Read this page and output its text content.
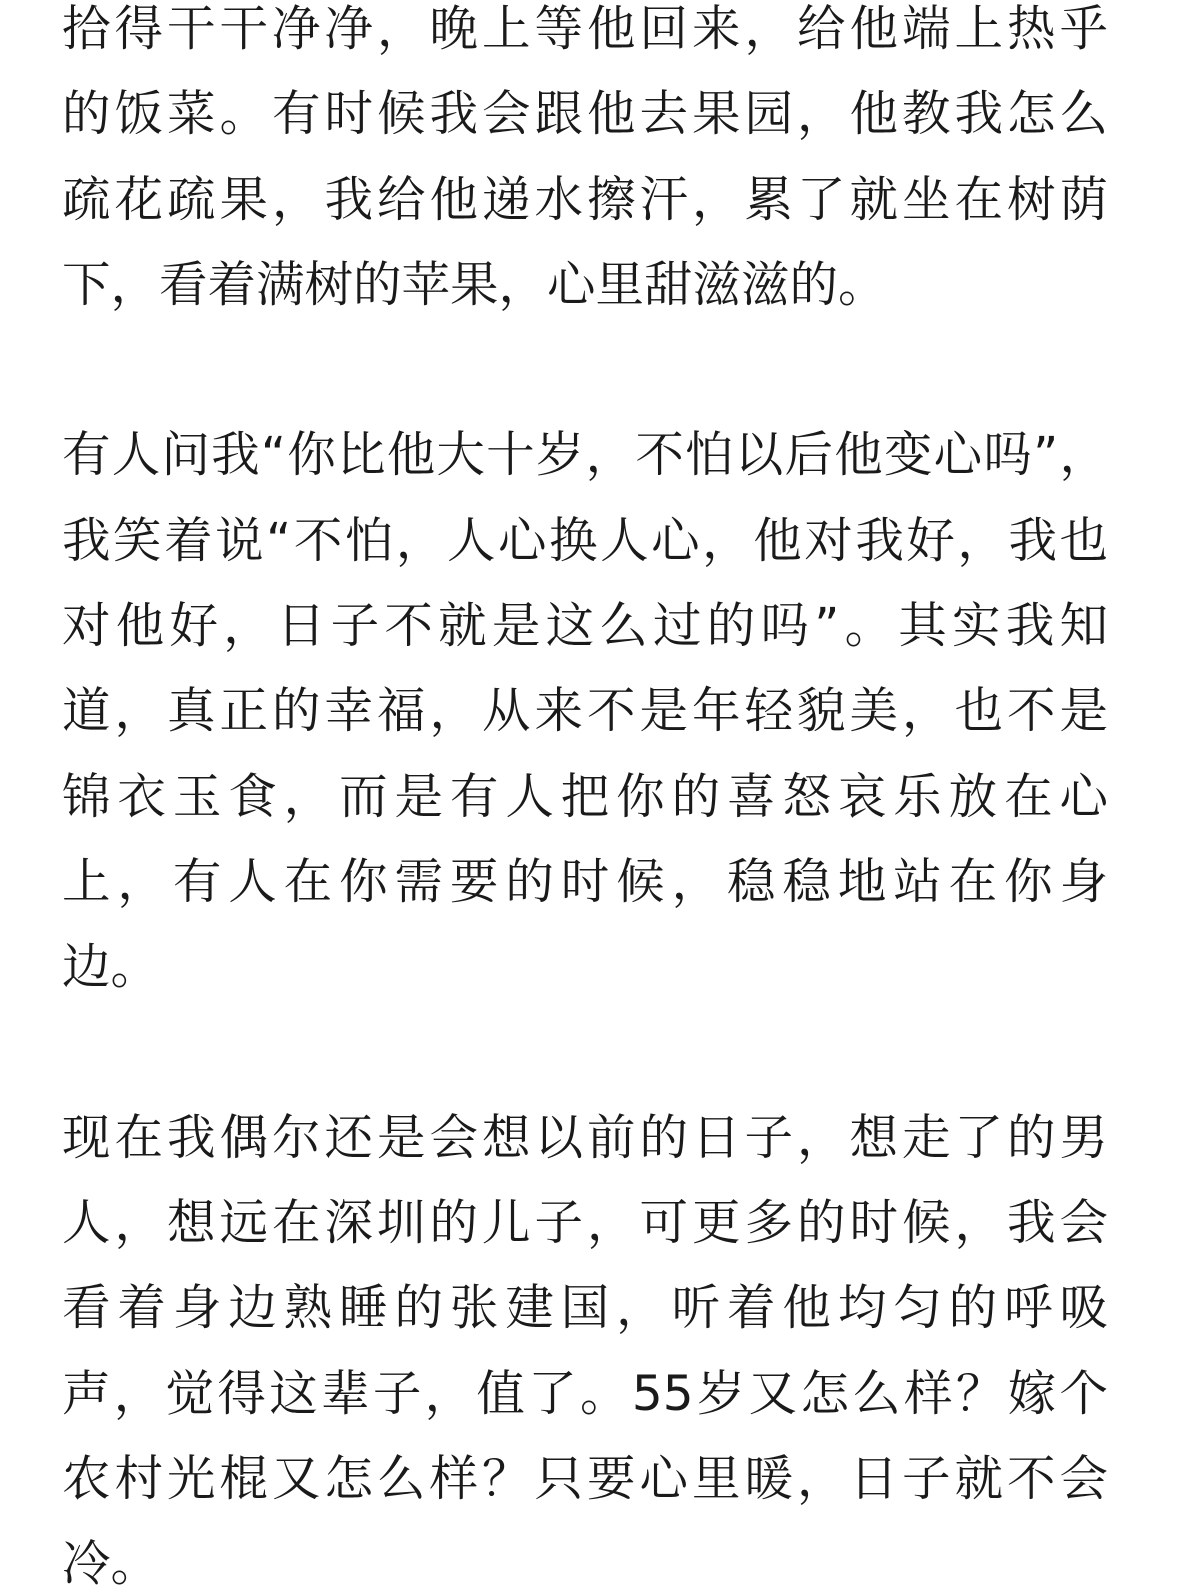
拾得干干净净，晚上等他回来，给他端上热乎
的饭菜。有时候我会跟他去果园，他教我怎么
疏花疏果，我给他递水擦汗，累了就坐在树荫
下，看着满树的苹果，心里甜滋滋的。

有人问我“你比他大十岁，不怕以后他变心吗”，
我笑着说“不怕，人心换人心，他对我好，我也
对他好，日子不就是这么过的吗”。其实我知
道，真正的幸福，从来不是年轻貌美，也不是
锦衣玉食，而是有人把你的喜怒哀乐放在心
上，有人在你需要的时候，稳稳地站在你身
边。

现在我偶尔还是会想以前的日子，想走了的男
人，想远在深圳的儿子，可更多的时候，我会
看着身边熟睡的张建国，听着他均匀的呼吸
声，觉得这辈子，值了。55岁又怎么样？嫁个
农村光棍又怎么样？只要心里暖，日子就不会
冷。
